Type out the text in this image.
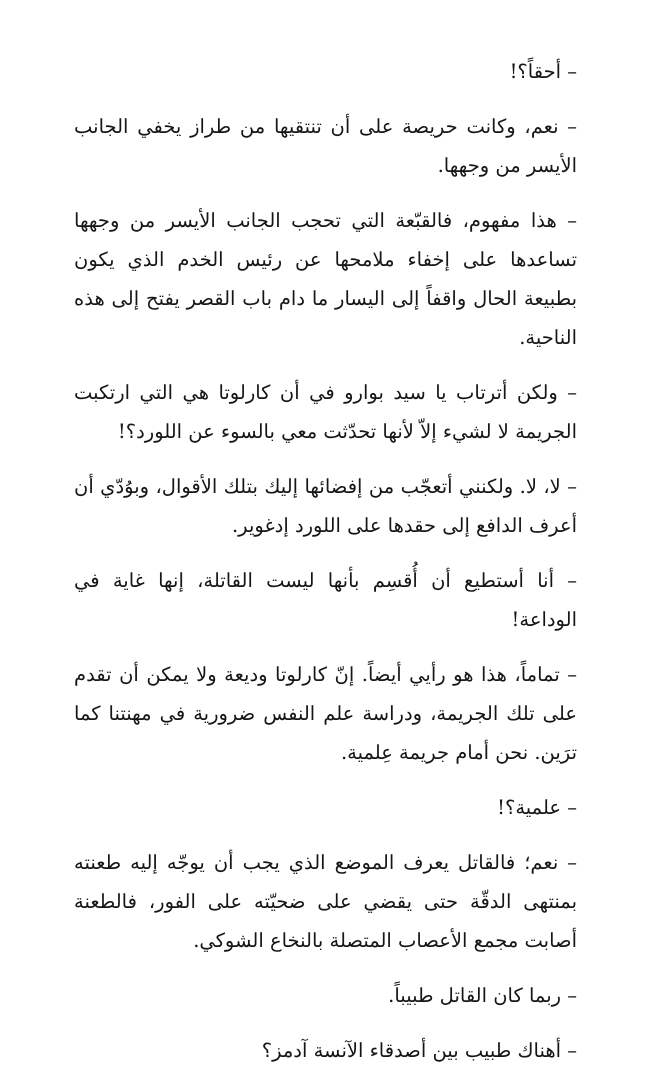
– أحقاً؟!

– نعم، وكانت حريصة على أن تنتقيها من طراز يخفي الجانب الأيسر من وجهها.

– هذا مفهوم، فالقبّعة التي تحجب الجانب الأيسر من وجهها تساعدها على إخفاء ملامحها عن رئيس الخدم الذي يكون بطبيعة الحال واقفاً إلى اليسار ما دام باب القصر يفتح إلى هذه الناحية.

– ولكن أترتاب يا سيد بوارو في أن كارلوتا هي التي ارتكبت الجريمة لا لشيء إلاّ لأنها تحدّثت معي بالسوء عن اللورد؟!

– لا، لا. ولكنني أتعجّب من إفضائها إليك بتلك الأقوال، وبوُدّي أن أعرف الدافع إلى حقدها على اللورد إدغوير.

– أنا أستطيع أن أُقسِم بأنها ليست القاتلة، إنها غاية في الوداعة!

– تماماً، هذا هو رأيي أيضاً. إنّ كارلوتا وديعة ولا يمكن أن تقدم على تلك الجريمة، ودراسة علم النفس ضرورية في مهنتنا كما ترَين. نحن أمام جريمة عِلمية.

– علمية؟!

– نعم؛ فالقاتل يعرف الموضع الذي يجب أن يوجّه إليه طعنته بمنتهى الدقّة حتى يقضي على ضحيّته على الفور، فالطعنة أصابت مجمع الأعصاب المتصلة بالنخاع الشوكي.

– ربما كان القاتل طبيباً.

– أهناك طبيب بين أصدقاء الآنسة آدمز؟
